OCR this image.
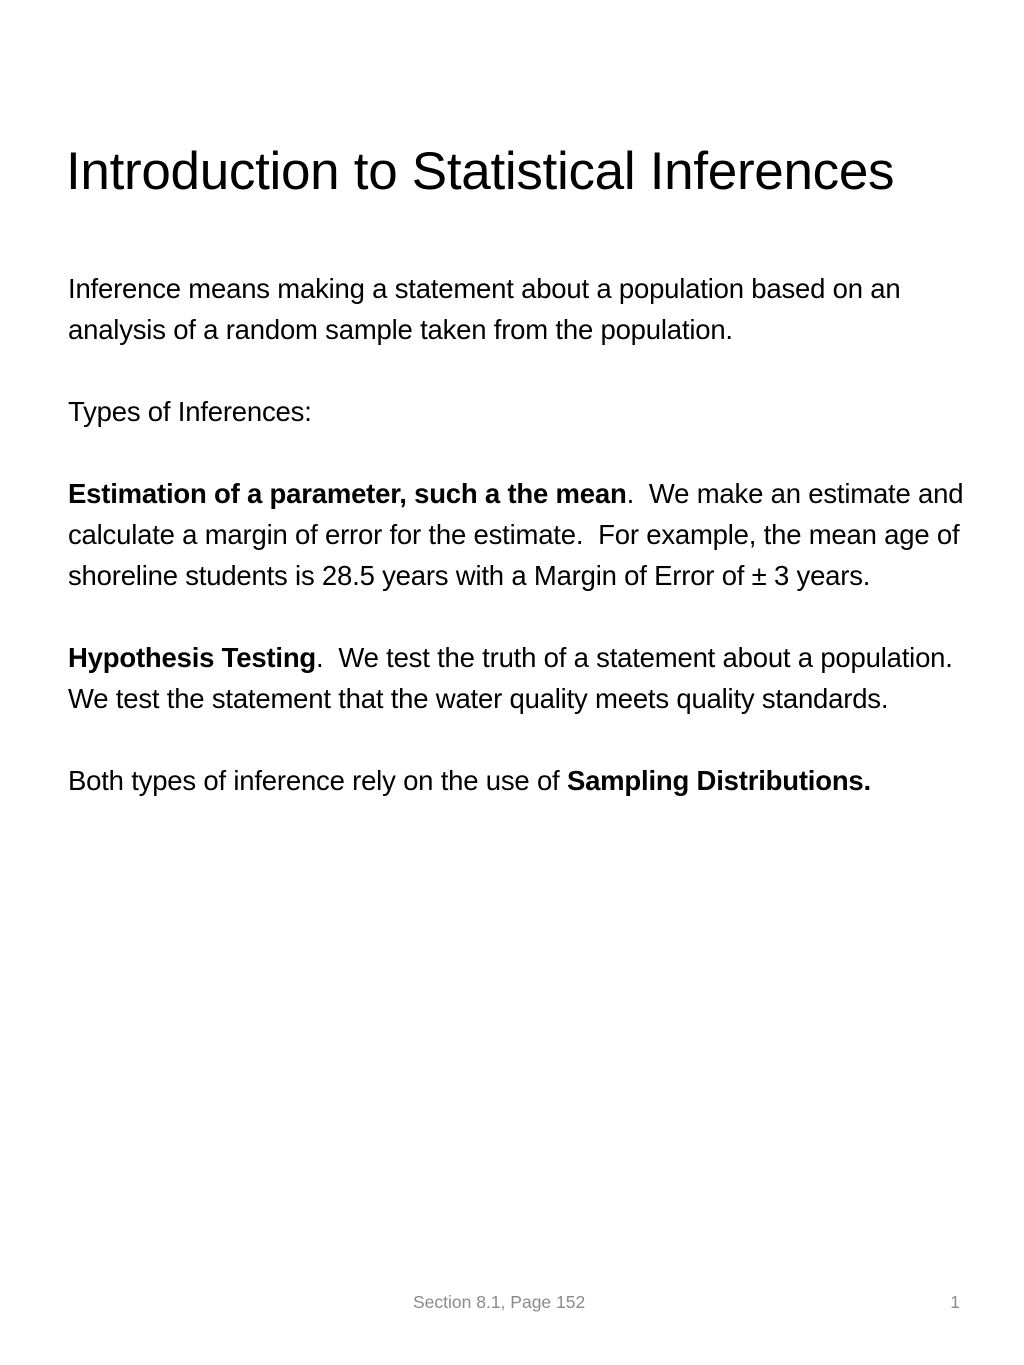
Introduction to Statistical Inferences

Inference means making a statement about a population based on an analysis of a random sample taken from the population.

Types of Inferences:

Estimation of a parameter, such a the mean.  We make an estimate and calculate a margin of error for the estimate.  For example, the mean age of shoreline students is 28.5 years with a Margin of Error of ± 3 years.

Hypothesis Testing.  We test the truth of a statement about a population. We test the statement that the water quality meets quality standards.

Both types of inference rely on the use of Sampling Distributions.

Section 8.1, Page 152	1
